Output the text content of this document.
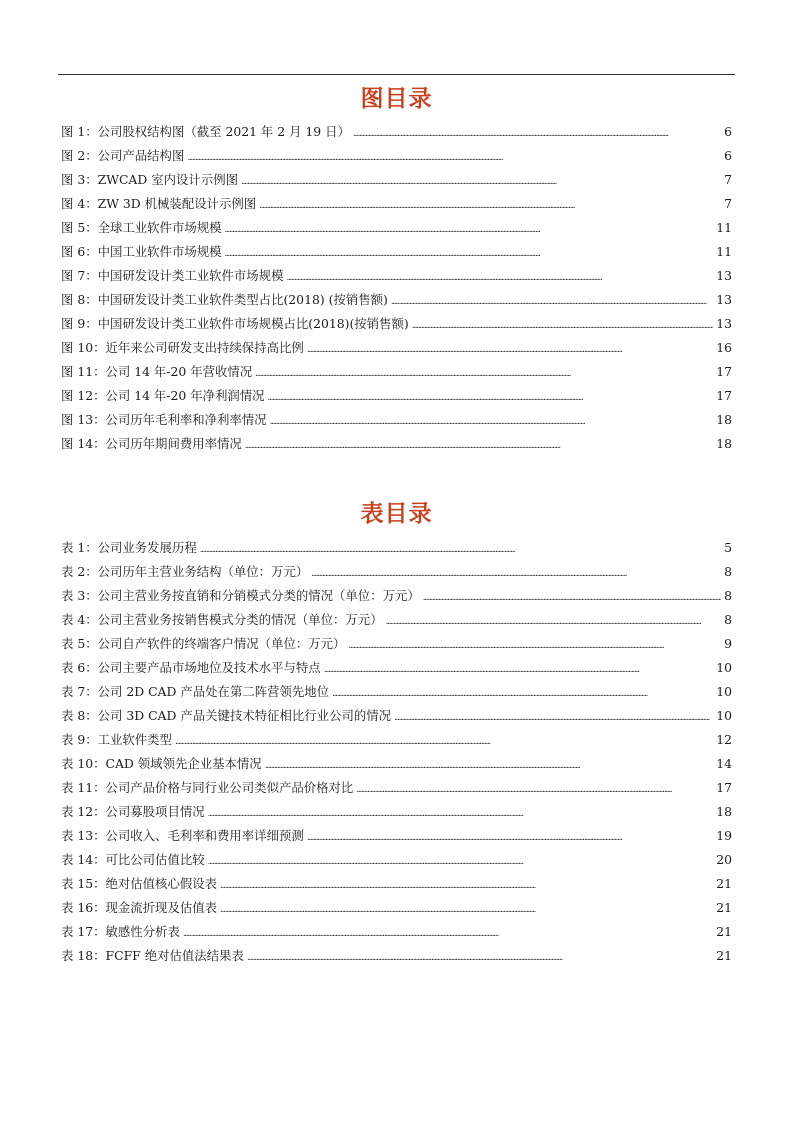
图目录
图 1：公司股权结构图（截至 2021 年 2 月 19 日） . . .	6
图 2：公司产品结构图 . . .	6
图 3：ZWCAD 室内设计示例图 . . .	7
图 4：ZW 3D 机械装配设计示例图 . . .	7
图 5：全球工业软件市场规模 . . .	11
图 6：中国工业软件市场规模 . . .	11
图 7：中国研发设计类工业软件市场规模 . . .	13
图 8：中国研发设计类工业软件类型占比(2018) (按销售额) . . .	13
图 9：中国研发设计类工业软件市场规模占比(2018)(按销售额) . . .	13
图 10：近年来公司研发支出持续保持高比例 . . .	16
图 11：公司 14 年-20 年营收情况 . . .	17
图 12：公司 14 年-20 年净利润情况 . . .	17
图 13：公司历年毛利率和净利率情况 . . .	18
图 14：公司历年期间费用率情况 . . .	18
表目录
表 1：公司业务发展历程 . . .	5
表 2：公司历年主营业务结构（单位：万元） . . .	8
表 3：公司主营业务按直销和分销模式分类的情况（单位：万元） . . .	8
表 4：公司主营业务按销售模式分类的情况（单位：万元） . . .	8
表 5：公司自产软件的终端客户情况（单位：万元） . . .	9
表 6：公司主要产品市场地位及技术水平与特点 . . .	10
表 7：公司 2D CAD 产品处在第二阵营领先地位 . . .	10
表 8：公司 3D CAD 产品关键技术特征相比行业公司的情况 . . .	10
表 9：工业软件类型 . . .	12
表 10：CAD 领域领先企业基本情况 . . .	14
表 11：公司产品价格与同行业公司类似产品价格对比 . . .	17
表 12：公司募股项目情况 . . .	18
表 13：公司收入、毛利率和费用率详细预测 . . .	19
表 14：可比公司估值比较 . . .	20
表 15：绝对估值核心假设表 . . .	21
表 16：现金流折现及估值表 . . .	21
表 17：敏感性分析表 . . .	21
表 18：FCFF 绝对估值法结果表 . . .	21
